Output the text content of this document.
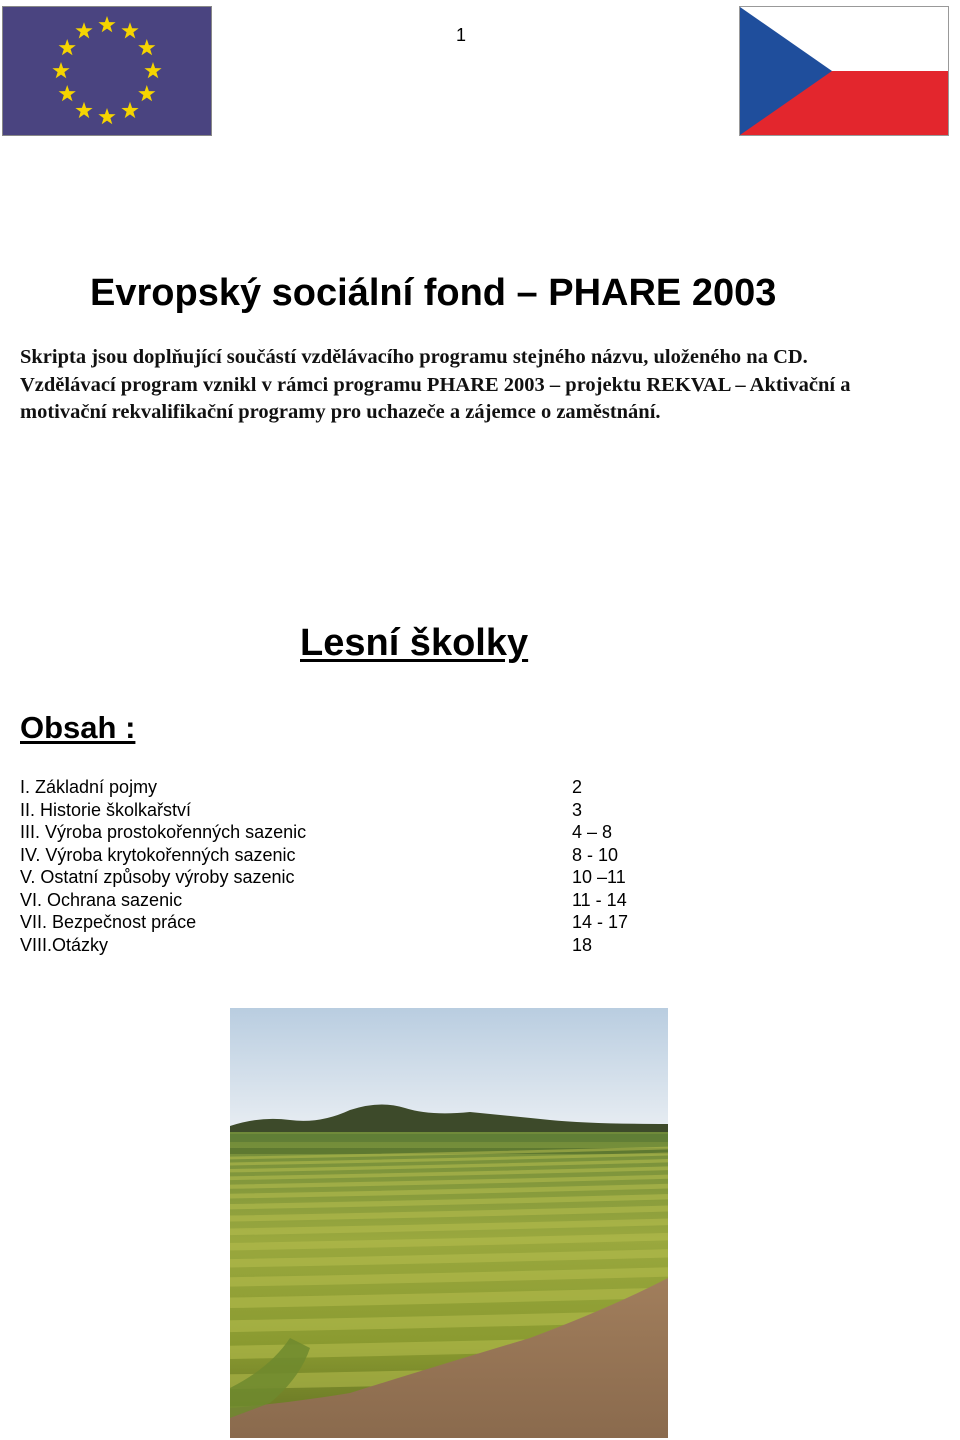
1
Evropský sociální fond – PHARE 2003
Skripta jsou doplňující součástí vzdělávacího programu stejného názvu, uloženého na CD. Vzdělávací program vznikl v rámci programu PHARE 2003 – projektu REKVAL – Aktivační a motivační rekvalifikační programy pro uchazeče a zájemce o zaměstnání.
Lesní školky
Obsah :
I. Základní pojmy	2
II. Historie školkařství	3
III. Výroba prostokořenných sazenic	4 – 8
IV. Výroba krytokořenných sazenic	8 - 10
V. Ostatní způsoby výroby sazenic	10 –11
VI. Ochrana sazenic	11 - 14
VII. Bezpečnost práce	14 - 17
VIII.Otázky	18
